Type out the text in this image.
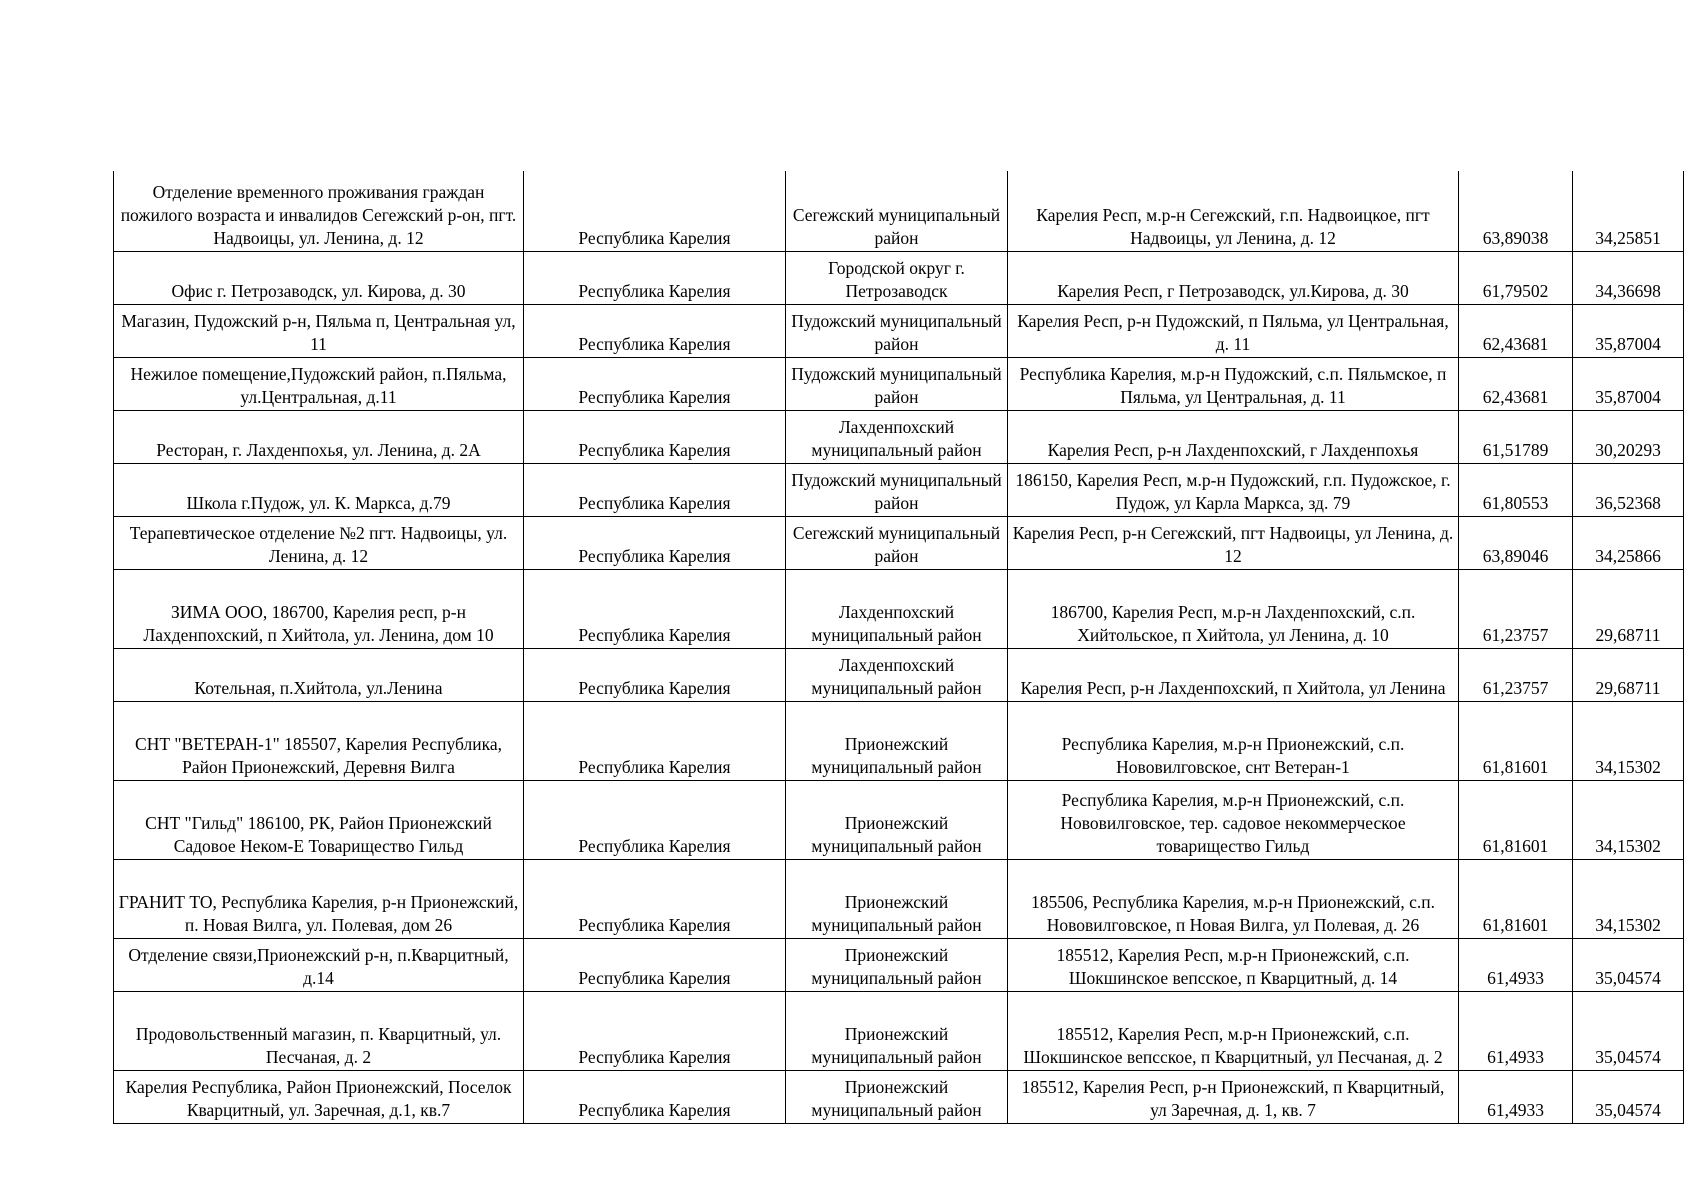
Отделение временного проживания граждан пожилого возраста и инвалидов Сегежский р-он, пгт. Надвоицы, ул. Ленина, д. 12	Республика Карелия	Сегежский муниципальный район	Карелия Респ, м.р-н Сегежский, г.п. Надвоицкое, пгт Надвоицы, ул Ленина, д. 12	63,89038	34,25851
Офис г. Петрозаводск, ул. Кирова, д. 30	Республика Карелия	Городской округ г. Петрозаводск	Карелия Респ, г Петрозаводск, ул.Кирова, д. 30	61,79502	34,36698
Магазин, Пудожский р-н, Пяльма п, Центральная ул, 11	Республика Карелия	Пудожский муниципальный район	Карелия Респ, р-н Пудожский, п Пяльма, ул Центральная, д. 11	62,43681	35,87004
Нежилое помещение,Пудожский район, п.Пяльма, ул.Центральная, д.11	Республика Карелия	Пудожский муниципальный район	Республика Карелия, м.р-н Пудожский, с.п. Пяльмское, п Пяльма, ул Центральная, д. 11	62,43681	35,87004
Ресторан, г. Лахденпохья, ул. Ленина, д. 2А	Республика Карелия	Лахденпохский муниципальный район	Карелия Респ, р-н Лахденпохский, г Лахденпохья	61,51789	30,20293
Школа г.Пудож, ул. К. Маркса, д.79	Республика Карелия	Пудожский муниципальный район	186150, Карелия Респ, м.р-н Пудожский, г.п. Пудожское, г. Пудож, ул Карла Маркса, зд. 79	61,80553	36,52368
Терапевтическое отделение №2 пгт. Надвоицы, ул. Ленина, д. 12	Республика Карелия	Сегежский муниципальный район	Карелия Респ, р-н Сегежский, пгт Надвоицы, ул Ленина, д. 12	63,89046	34,25866
ЗИМА ООО, 186700, Карелия респ, р-н Лахденпохский, п Хийтола, ул. Ленина, дом 10	Республика Карелия	Лахденпохский муниципальный район	186700, Карелия Респ, м.р-н Лахденпохский, с.п. Хийтольское, п Хийтола, ул Ленина, д. 10	61,23757	29,68711
Котельная, п.Хийтола, ул.Ленина	Республика Карелия	Лахденпохский муниципальный район	Карелия Респ, р-н Лахденпохский, п Хийтола, ул Ленина	61,23757	29,68711
СНТ "ВЕТЕРАН-1" 185507, Карелия Республика, Район Прионежский, Деревня Вилга	Республика Карелия	Прионежский муниципальный район	Республика Карелия, м.р-н Прионежский, с.п. Нововилговское, снт Ветеран-1	61,81601	34,15302
СНТ "Гильд" 186100, РК, Район Прионежский Садовое Неком-Е Товарищество Гильд	Республика Карелия	Прионежский муниципальный район	Республика Карелия, м.р-н Прионежский, с.п. Нововилговское, тер. садовое некоммерческое товарищество Гильд	61,81601	34,15302
ГРАНИТ ТО, Республика Карелия, р-н Прионежский, п. Новая Вилга, ул. Полевая, дом 26	Республика Карелия	Прионежский муниципальный район	185506, Республика Карелия, м.р-н Прионежский, с.п. Нововилговское, п Новая Вилга, ул Полевая, д. 26	61,81601	34,15302
Отделение связи,Прионежский р-н, п.Кварцитный, д.14	Республика Карелия	Прионежский муниципальный район	185512, Карелия Респ, м.р-н Прионежский, с.п. Шокшинское вепсское, п Кварцитный, д. 14	61,4933	35,04574
Продовольственный магазин, п. Кварцитный, ул. Песчаная, д. 2	Республика Карелия	Прионежский муниципальный район	185512, Карелия Респ, м.р-н Прионежский, с.п. Шокшинское вепсское, п Кварцитный, ул Песчаная, д. 2	61,4933	35,04574
Карелия Республика, Район Прионежский, Поселок Кварцитный, ул. Заречная, д.1, кв.7	Республика Карелия	Прионежский муниципальный район	185512, Карелия Респ, р-н Прионежский, п Кварцитный, ул Заречная, д. 1, кв. 7	61,4933	35,04574
